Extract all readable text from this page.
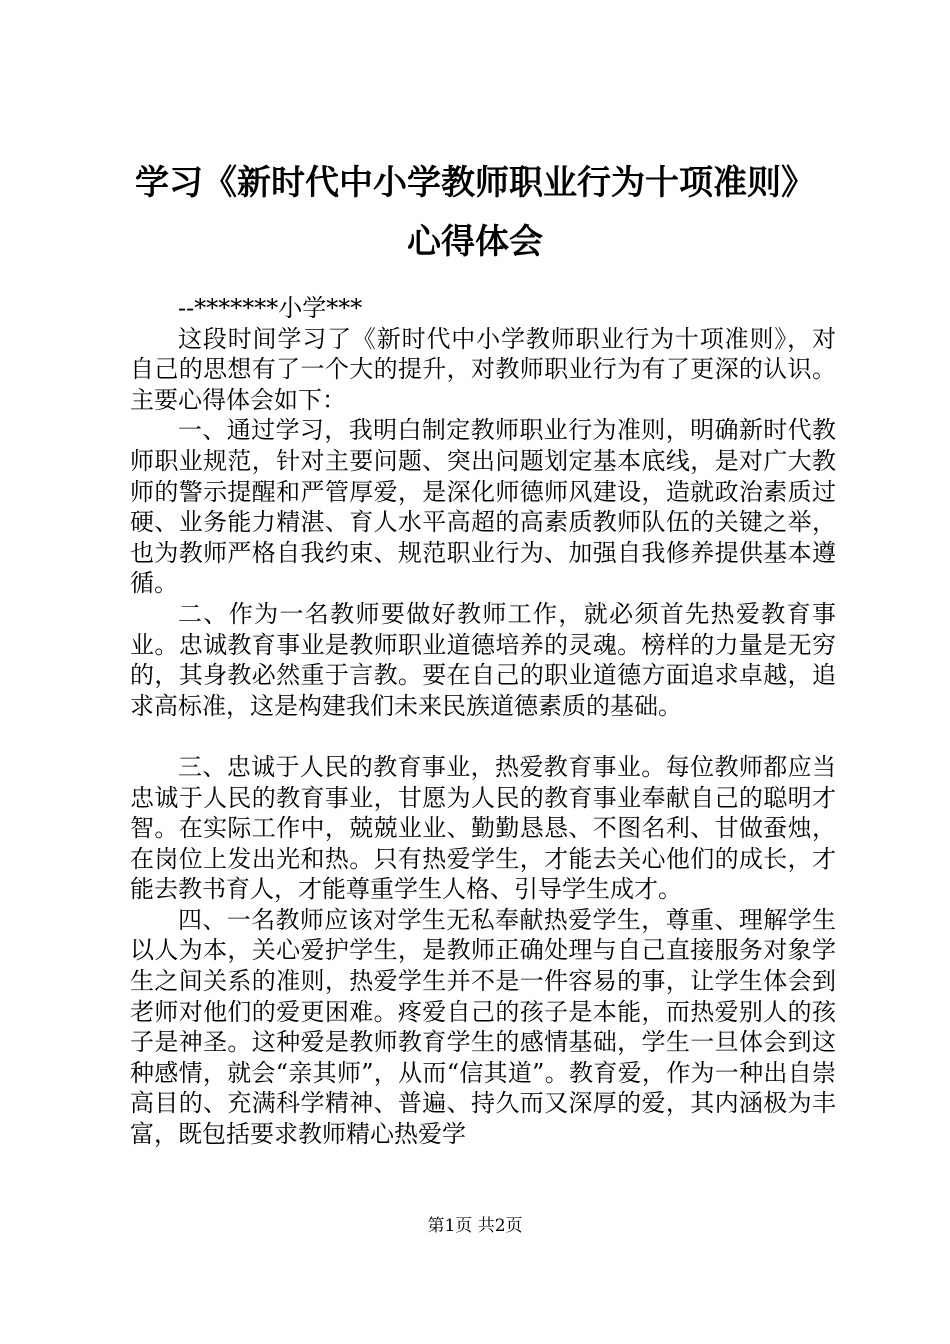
学习《新时代中小学教师职业行为十项准则》
心得体会

--*******小学***

这段时间学习了《新时代中小学教师职业行为十项准则》，对自己的思想有了一个大的提升，对教师职业行为有了更深的认识。主要心得体会如下：

一、通过学习，我明白制定教师职业行为准则，明确新时代教师职业规范，针对主要问题、突出问题划定基本底线，是对广大教师的警示提醒和严管厚爱，是深化师德师风建设，造就政治素质过硬、业务能力精湛、育人水平高超的高素质教师队伍的关键之举，也为教师严格自我约束、规范职业行为、加强自我修养提供基本遵循。

二、作为一名教师要做好教师工作，就必须首先热爱教育事业。忠诚教育事业是教师职业道德培养的灵魂。榜样的力量是无穷的，其身教必然重于言教。要在自己的职业道德方面追求卓越，追求高标准，这是构建我们未来民族道德素质的基础。

三、忠诚于人民的教育事业，热爱教育事业。每位教师都应当忠诚于人民的教育事业，甘愿为人民的教育事业奉献自己的聪明才智。在实际工作中，兢兢业业、勤勤恳恳、不图名利、甘做蚕烛，在岗位上发出光和热。只有热爱学生，才能去关心他们的成长，才能去教书育人，才能尊重学生人格、引导学生成才。

四、一名教师应该对学生无私奉献热爱学生，尊重、理解学生以人为本，关心爱护学生，是教师正确处理与自己直接服务对象学生之间关系的准则，热爱学生并不是一件容易的事，让学生体会到老师对他们的爱更困难。疼爱自己的孩子是本能，而热爱别人的孩子是神圣。这种爱是教师教育学生的感情基础，学生一旦体会到这种感情，就会“亲其师”，从而“信其道”。教育爱，作为一种出自崇高目的、充满科学精神、普遍、持久而又深厚的爱，其内涵极为丰富，既包括要求教师精心热爱学

第1页 共2页
